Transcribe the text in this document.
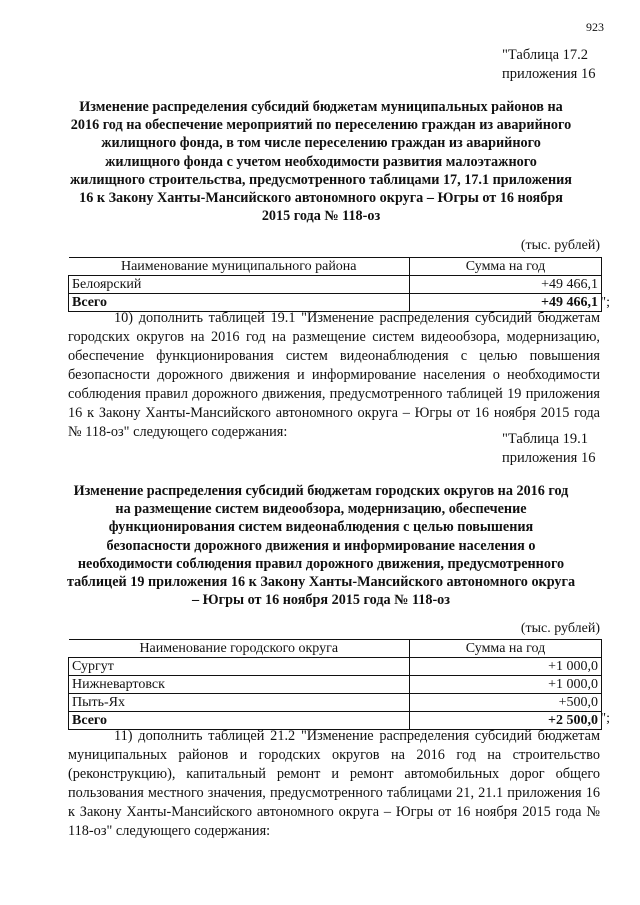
923
"Таблица 17.2
приложения 16
Изменение распределения субсидий бюджетам муниципальных районов на 2016 год на обеспечение мероприятий по переселению граждан из аварийного жилищного фонда, в том числе переселению граждан из аварийного жилищного фонда с учетом необходимости развития малоэтажного жилищного строительства, предусмотренного таблицами 17, 17.1 приложения 16 к Закону Ханты-Мансийского автономного округа – Югры от 16 ноября 2015 года № 118-оз
(тыс. рублей)
Наименование муниципального района	Сумма на год
Белоярский	+49 466,1
Всего	+49 466,1 ";
10) дополнить таблицей 19.1 "Изменение распределения субсидий бюджетам городских округов на 2016 год на размещение систем видеообзора, модернизацию, обеспечение функционирования систем видеонаблюдения с целью повышения безопасности дорожного движения и информирование населения о необходимости соблюдения правил дорожного движения, предусмотренного таблицей 19 приложения 16 к Закону Ханты-Мансийского автономного округа – Югры от 16 ноября 2015 года № 118-оз" следующего содержания:	"Таблица 19.1
приложения 16
Изменение распределения субсидий бюджетам городских округов на 2016 год на размещение систем видеообзора, модернизацию, обеспечение функционирования систем видеонаблюдения с целью повышения безопасности дорожного движения и информирование населения о необходимости соблюдения правил дорожного движения, предусмотренного таблицей 19 приложения 16 к Закону Ханты-Мансийского автономного округа – Югры от 16 ноября 2015 года № 118-оз
(тыс. рублей)
Наименование городского округа	Сумма на год
Сургут	+1 000,0
Нижневартовск	+1 000,0
Пыть-Ях	+500,0
Всего	+2 500,0 ";
11) дополнить таблицей 21.2 "Изменение распределения субсидий бюджетам муниципальных районов и городских округов на 2016 год на строительство (реконструкцию), капитальный ремонт и ремонт автомобильных дорог общего пользования местного значения, предусмотренного таблицами 21, 21.1 приложения 16 к Закону Ханты-Мансийского автономного округа – Югры от 16 ноября 2015 года № 118-оз" следующего содержания:
